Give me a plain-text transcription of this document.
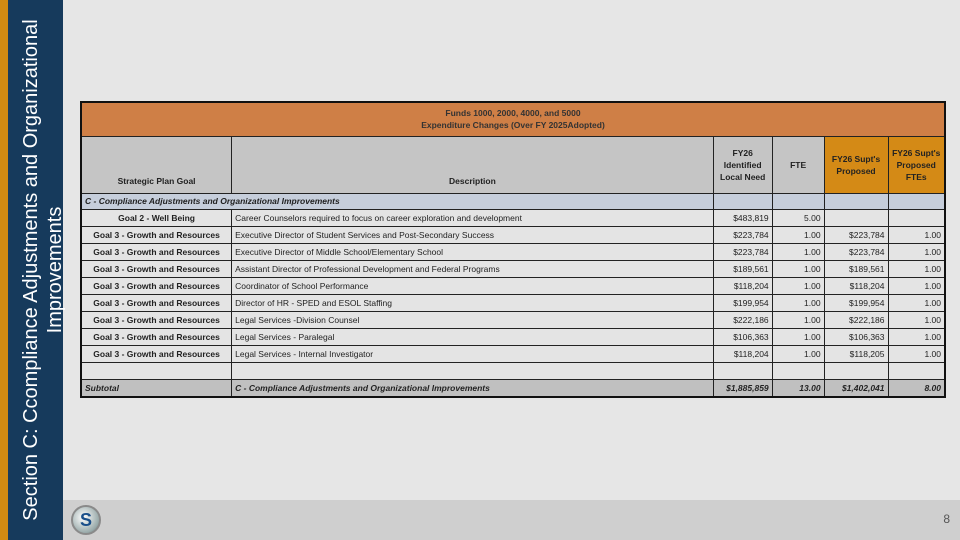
Section C: Ccompliance Adjustments and Organizational Improvements
Funds 1000, 2000, 4000, and 5000
Expenditure Changes (Over FY 2025Adopted)					
Strategic Plan Goal	Description	FY26 Identified Local Need	FTE	FY26 Supt's Proposed	FY26 Supt's Proposed FTEs
C - Compliance Adjustments and Organizational Improvements					
Goal 2 - Well Being	Career Counselors required to focus on career exploration and development	$483,819	5.00		
Goal 3 - Growth and Resources	Executive Director of Student Services and Post-Secondary Success	$223,784	1.00	$223,784	1.00
Goal 3 - Growth and Resources	Executive Director of Middle School/Elementary School	$223,784	1.00	$223,784	1.00
Goal 3 - Growth and Resources	Assistant Director of Professional Development and Federal Programs	$189,561	1.00	$189,561	1.00
Goal 3 - Growth and Resources	Coordinator of School Performance	$118,204	1.00	$118,204	1.00
Goal 3 - Growth and Resources	Director of HR - SPED and ESOL Staffing	$199,954	1.00	$199,954	1.00
Goal 3 - Growth and Resources	Legal Services -Division Counsel	$222,186	1.00	$222,186	1.00
Goal 3 - Growth and Resources	Legal Services - Paralegal	$106,363	1.00	$106,363	1.00
Goal 3 - Growth and Resources	Legal Services - Internal Investigator	$118,204	1.00	$118,205	1.00

Subtotal	C - Compliance Adjustments and Organizational Improvements	$1,885,859	13.00	$1,402,041	8.00
S	8
